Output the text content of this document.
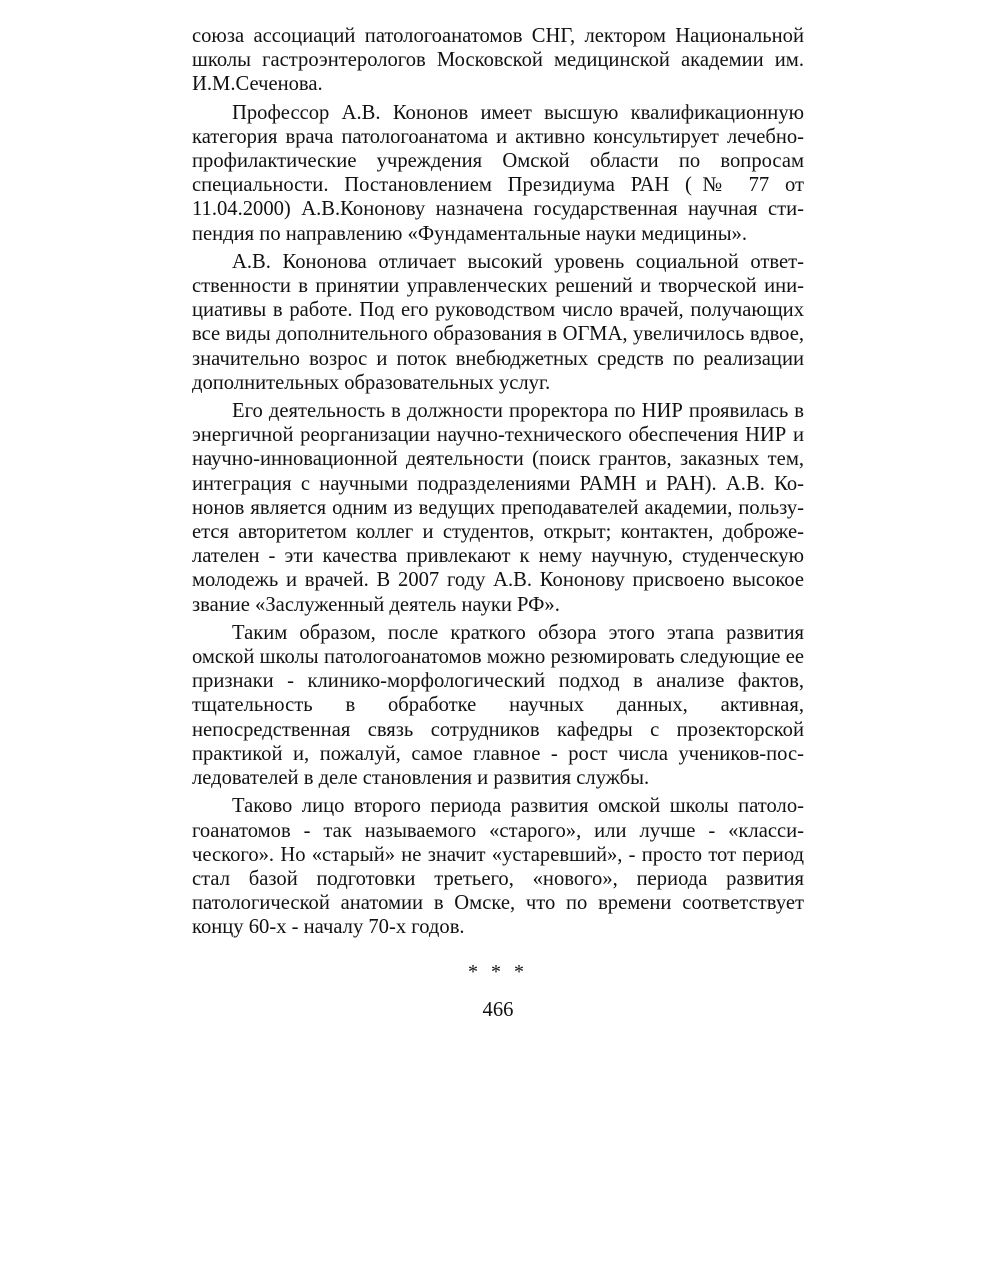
союза ассоциаций патологоанатомов СНГ, лектором Национальной школы гастроэнтерологов Московской медицинской академии им. И.М.Сеченова.

Профессор А.В. Кононов имеет высшую квалификационную категория врача патологоанатома и активно консультирует лечебно-профилактические учреждения Омской области по вопросам специальности. Постановлением Президиума РАН (№ 77 от 11.04.2000) А.В.Кононову назначена государственная научная стипендия по направлению «Фундаментальные науки медицины».

А.В. Кононова отличает высокий уровень социальной ответственности в принятии управленческих решений и творческой инициативы в работе. Под его руководством число врачей, получающих все виды дополнительного образования в ОГМА, увеличилось вдвое, значительно возрос и поток внебюджетных средств по реализации дополнительных образовательных услуг.

Его деятельность в должности проректора по НИР проявилась в энергичной реорганизации научно-технического обеспечения НИР и научно-инновационной деятельности (поиск грантов, заказных тем, интеграция с научными подразделениями РАМН и РАН). А.В. Кононов является одним из ведущих преподавателей академии, пользуется авторитетом коллег и студентов, открыт; контактен, доброжелателен - эти качества привлекают к нему научную, студенческую молодежь и врачей. В 2007 году А.В. Кононову присвоено высокое звание «Заслуженный деятель науки РФ».

Таким образом, после краткого обзора этого этапа развития омской школы патологоанатомов можно резюмировать следующие ее признаки - клинико-морфологический подход в анализе фактов, тщательность в обработке научных данных, активная, непосредственная связь сотрудников кафедры с прозекторской практикой и, пожалуй, самое главное - рост числа учеников-последователей в деле становления и развития службы.

Таково лицо второго периода развития омской школы патологоанатомов - так называемого «старого», или лучше - «классического». Но «старый» не значит «устаревший», - просто тот период стал базой подготовки третьего, «нового», периода развития патологической анатомии в Омске, что по времени соответствует концу 60-х - началу 70-х годов.

* * *
466
